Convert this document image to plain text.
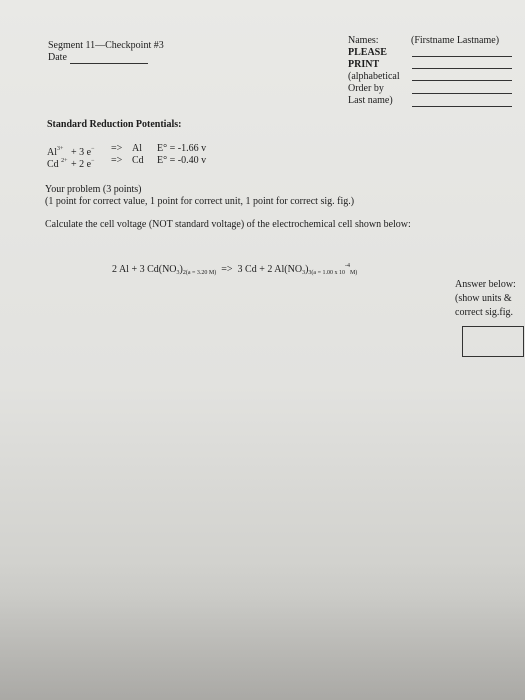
Segment 11—Checkpoint #3
Date
Names:	(Firstname Lastname)
PLEASE
PRINT
(alphabetical
Order by
Last name)
Standard Reduction Potentials:
$Al^{3+} + 3$ e− => Al E° = -1.66 v
Cd $^{2+}$ + 2 e− => Cd E° = -0.40 v
Your problem (3 points)
(1 point for correct value, 1 point for correct unit, 1 point for correct sig. fig.)
Calculate the cell voltage (NOT standard voltage) of the electrochemical cell shown below:
2 Al + 3 $Cd(NO_3)_{2(a = 3.20 M)} => 3$ Cd + 2 $Al(NO_3)_{3(a = 1.00 x 10}^{-4}_{M)}$
Answer below:
(show units &
correct sig.fig.
